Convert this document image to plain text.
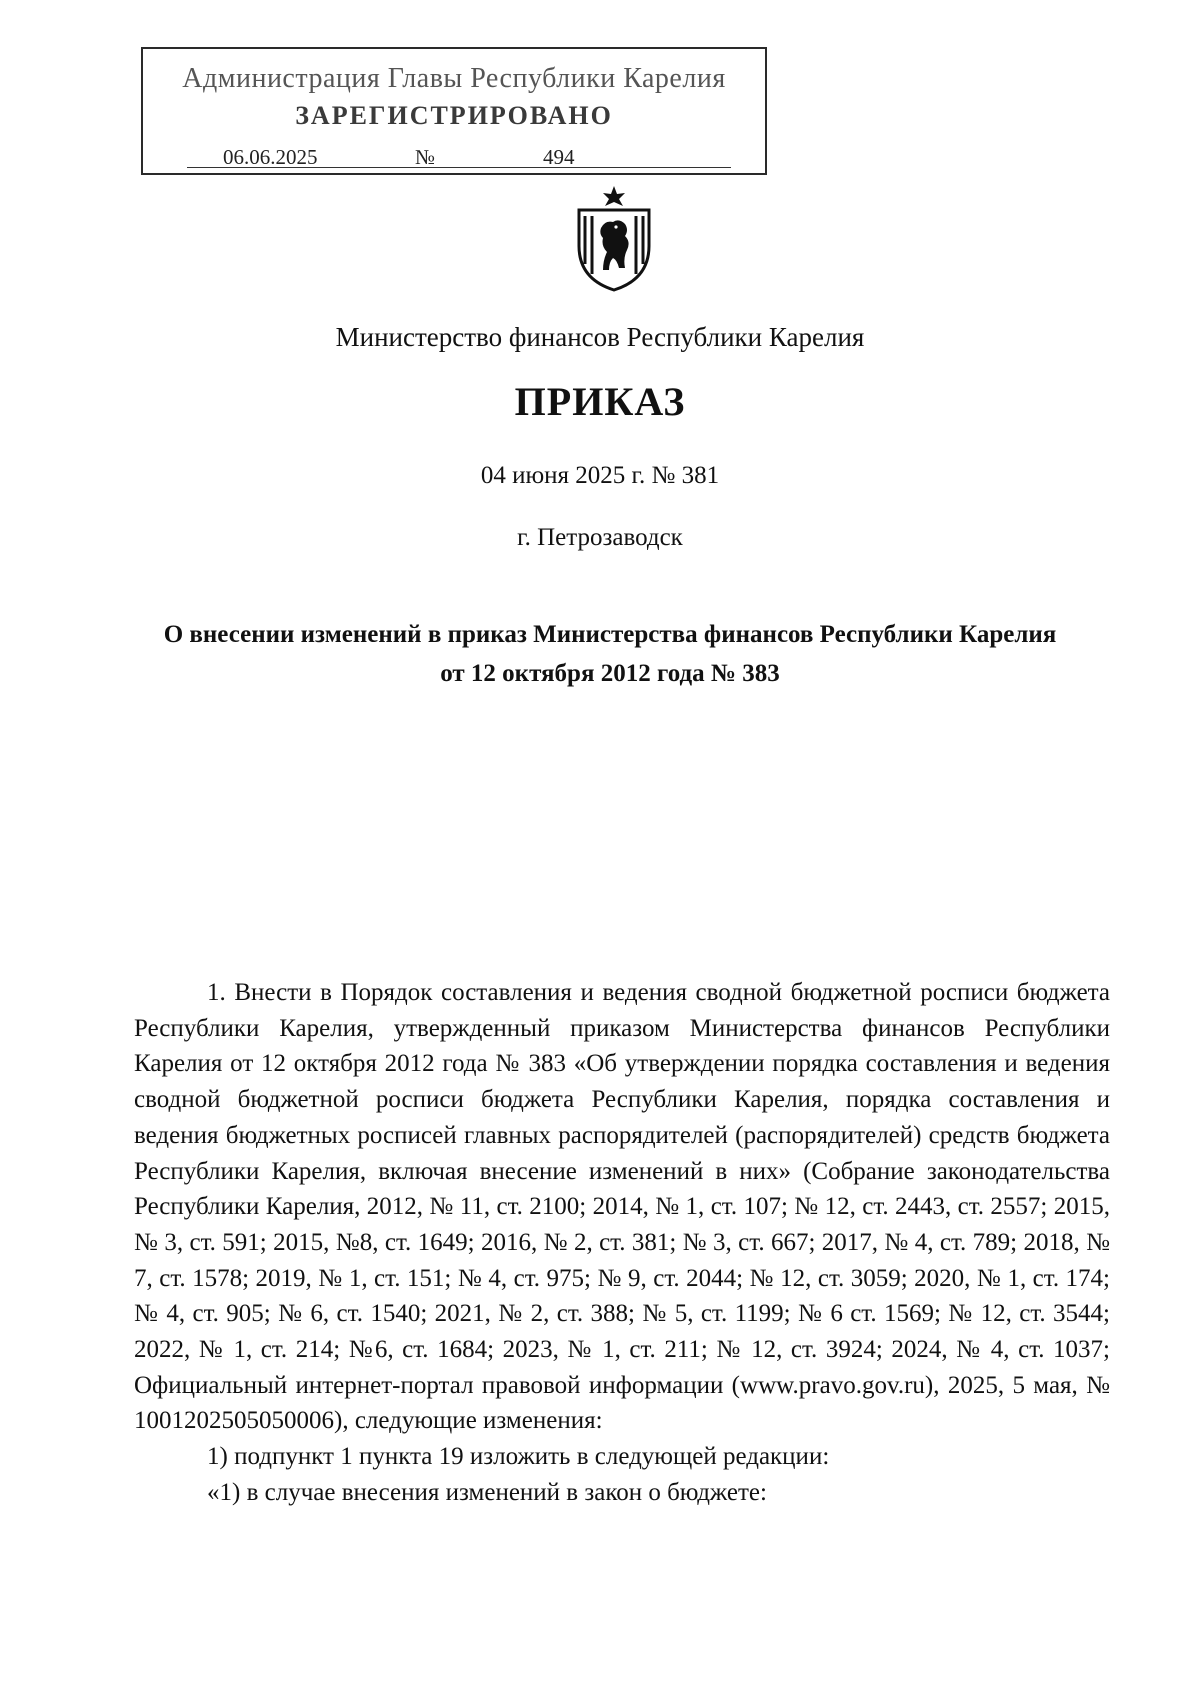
Администрация Главы Республики Карелия
ЗАРЕГИСТРИРОВАНО
06.06.2025	№	494
Министерство финансов Республики Карелия
ПРИКАЗ
04 июня 2025 г. № 381
г. Петрозаводск
О внесении изменений в приказ Министерства финансов Республики Карелия от 12 октября 2012 года № 383

1. Внести в Порядок составления и ведения сводной бюджетной росписи бюджета Республики Карелия, утвержденный приказом Министерства финансов Республики Карелия от 12 октября 2012 года № 383 «Об утверждении порядка составления и ведения сводной бюджетной росписи бюджета Республики Карелия, порядка составления и ведения бюджетных росписей главных распорядителей (распорядителей) средств бюджета Республики Карелия, включая внесение изменений в них» (Собрание законодательства Республики Карелия, 2012, № 11, ст. 2100; 2014, № 1, ст. 107; № 12, ст. 2443, ст. 2557; 2015, № 3, ст. 591; 2015, №8, ст. 1649; 2016, № 2, ст. 381; № 3, ст. 667; 2017, № 4, ст. 789; 2018, № 7, ст. 1578; 2019, № 1, ст. 151; № 4, ст. 975; № 9, ст. 2044; № 12, ст. 3059; 2020, № 1, ст. 174; № 4, ст. 905; № 6, ст. 1540; 2021, № 2, ст. 388; № 5, ст. 1199; № 6 ст. 1569; № 12, ст. 3544; 2022, № 1, ст. 214; №6, ст. 1684; 2023, № 1, ст. 211; № 12, ст. 3924; 2024, № 4, ст. 1037; Официальный интернет-портал правовой информации (www.pravo.gov.ru), 2025, 5 мая, № 1001202505050006), следующие изменения:

1) подпункт 1 пункта 19 изложить в следующей редакции:

«1) в случае внесения изменений в закон о бюджете:
